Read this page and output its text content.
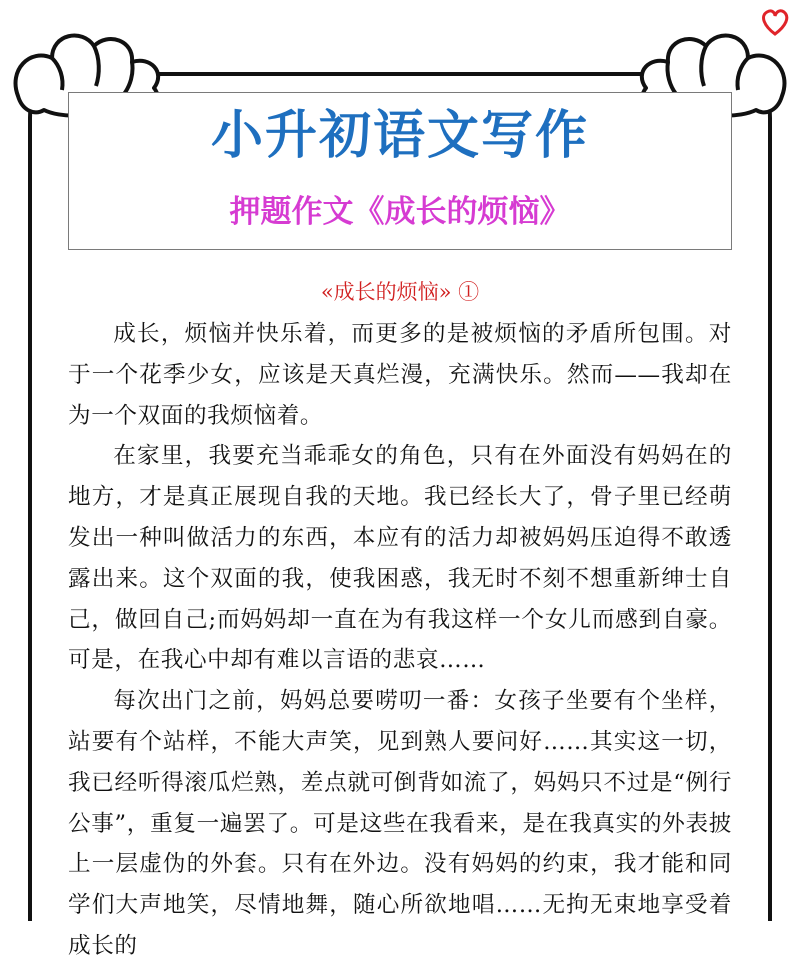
小升初语文写作
押题作文《成长的烦恼》
«成长的烦恼» ①

成长，烦恼并快乐着，而更多的是被烦恼的矛盾所包围。对于一个花季少女，应该是天真烂漫，充满快乐。然而——我却在为一个双面的我烦恼着。

在家里，我要充当乖乖女的角色，只有在外面没有妈妈在的地方，才是真正展现自我的天地。我已经长大了，骨子里已经萌发出一种叫做活力的东西，本应有的活力却被妈妈压迫得不敢透露出来。这个双面的我，使我困惑，我无时不刻不想重新绅士自己，做回自己;而妈妈却一直在为有我这样一个女儿而感到自豪。可是，在我心中却有难以言语的悲哀……

每次出门之前，妈妈总要唠叨一番：女孩子坐要有个坐样，站要有个站样，不能大声笑，见到熟人要问好……其实这一切，我已经听得滚瓜烂熟，差点就可倒背如流了，妈妈只不过是“例行公事”，重复一遍罢了。可是这些在我看来，是在我真实的外表披上一层虚伪的外套。只有在外边。没有妈妈的约束，我才能和同学们大声地笑，尽情地舞，随心所欲地唱……无拘无束地享受着成长的
